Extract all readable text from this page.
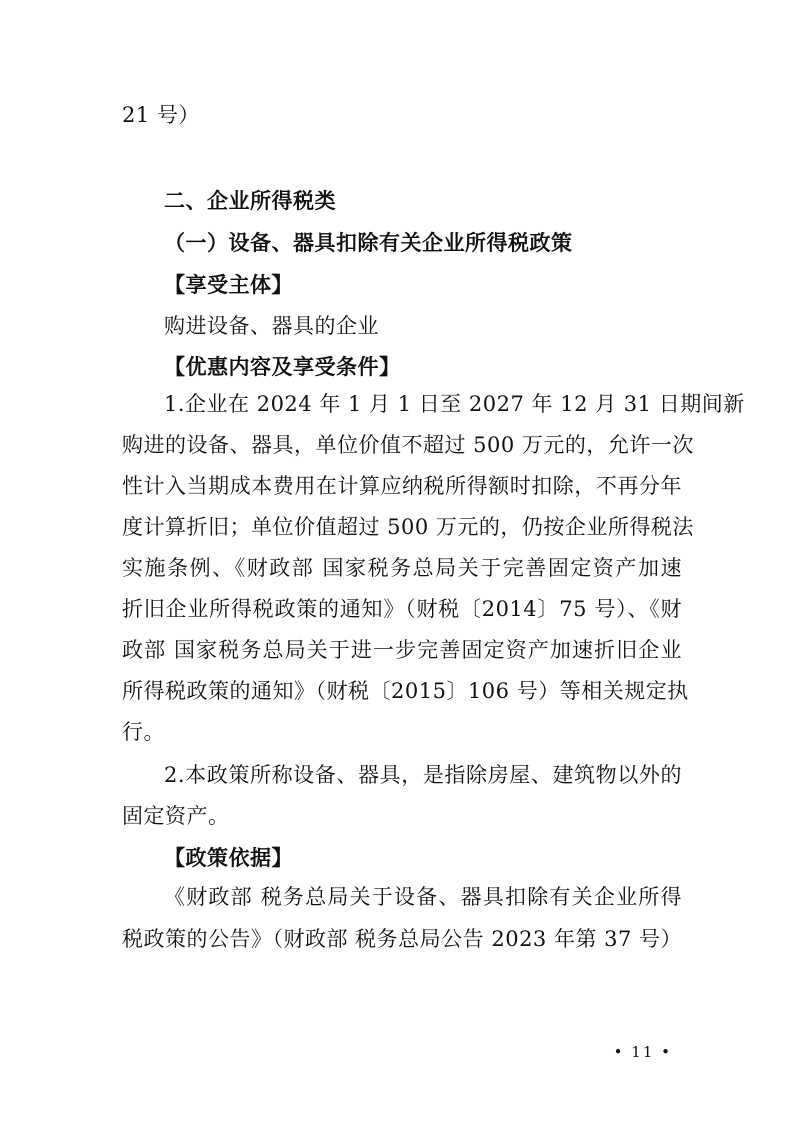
21 号）
二、企业所得税类
（一）设备、器具扣除有关企业所得税政策
【享受主体】
购进设备、器具的企业
【优惠内容及享受条件】
1.企业在 2024 年 1 月 1 日至 2027 年 12 月 31 日期间新
购进的设备、器具，单位价值不超过 500 万元的，允许一次
性计入当期成本费用在计算应纳税所得额时扣除，不再分年
度计算折旧；单位价值超过 500 万元的，仍按企业所得税法
实施条例、《财政部 国家税务总局关于完善固定资产加速
折旧企业所得税政策的通知》（财税〔2014〕75 号）、《财
政部 国家税务总局关于进一步完善固定资产加速折旧企业
所得税政策的通知》（财税〔2015〕106 号）等相关规定执
行。
2.本政策所称设备、器具，是指除房屋、建筑物以外的
固定资产。
【政策依据】
《财政部 税务总局关于设备、器具扣除有关企业所得
税政策的公告》（财政部 税务总局公告 2023 年第 37 号）
• 11 •
